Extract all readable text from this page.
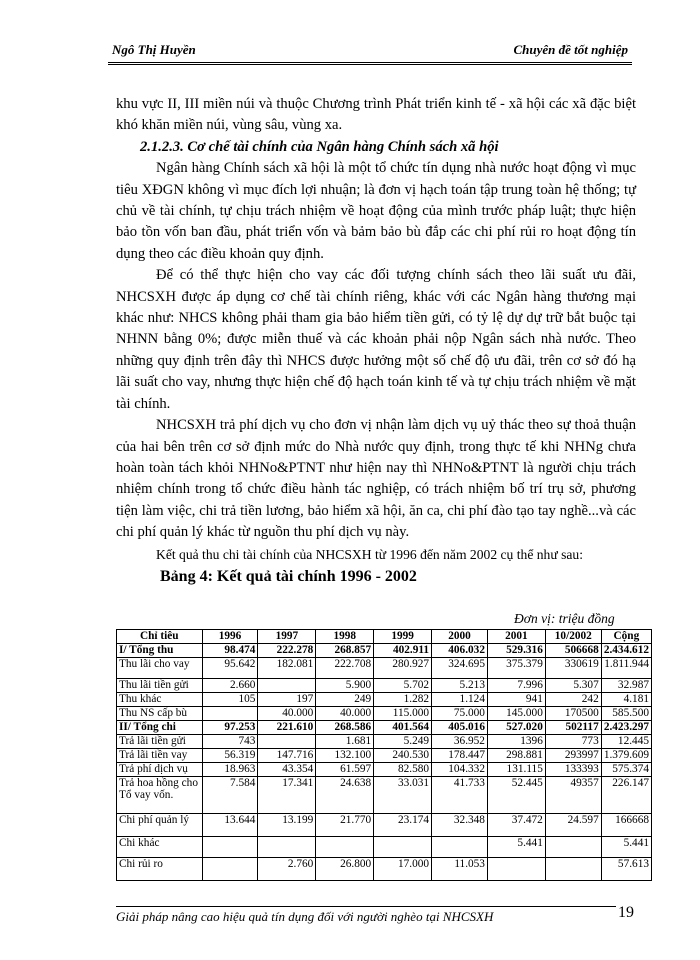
Ngô Thị Huyền	Chuyên đề tốt nghiệp

khu vực II, III miền núi và thuộc Chương trình Phát triển kinh tế - xã hội các xã đặc biệt khó khăn miền núi, vùng sâu, vùng xa.

2.1.2.3. Cơ chế tài chính của Ngân hàng Chính sách xã hội

Ngân hàng Chính sách xã hội là một tổ chức tín dụng nhà nước hoạt động vì mục tiêu XĐGN không vì mục đích lợi nhuận; là đơn vị hạch toán tập trung toàn hệ thống; tự chủ về tài chính, tự chịu trách nhiệm về hoạt động của mình trước pháp luật; thực hiện bảo tồn vốn ban đầu, phát triển vốn và bảm bảo bù đắp các chi phí rủi ro hoạt động tín dụng theo các điều khoản quy định.

Để có thể thực hiện cho vay các đối tượng chính sách theo lãi suất ưu đãi, NHCSXH được áp dụng cơ chế tài chính riêng, khác với các Ngân hàng thương mại khác như: NHCS không phải tham gia bảo hiểm tiền gửi, có tỷ lệ dự dự trữ bắt buộc tại NHNN bằng 0%; được miễn thuế và các khoản phải nộp Ngân sách nhà nước. Theo những quy định trên đây thì NHCS được hưởng một số chế độ ưu đãi, trên cơ sở đó hạ lãi suất cho vay, nhưng thực hiện chế độ hạch toán kinh tế và tự chịu trách nhiệm về mặt tài chính.

NHCSXH trả phí dịch vụ cho đơn vị nhận làm dịch vụ uỷ thác theo sự thoả thuận của hai bên trên cơ sở định mức do Nhà nước quy định, trong thực tế khi NHNg chưa hoàn toàn tách khỏi NHNo&PTNT như hiện nay thì NHNo&PTNT là người chịu trách nhiệm chính trong tổ chức điều hành tác nghiệp, có trách nhiệm bố trí trụ sở, phương tiện làm việc, chi trả tiền lương, bảo hiểm xã hội, ăn ca, chi phí đào tạo tay nghề...và các chi phí quản lý khác từ nguồn thu phí dịch vụ này.

Kết quả thu chi tài chính của NHCSXH từ 1996 đến năm 2002 cụ thể như sau:

Bảng 4: Kết quả tài chính 1996 - 2002

Đơn vị: triệu đồng
Chỉ tiêu	1996	1997	1998	1999	2000	2001	10/2002	Cộng
I/ Tổng thu	98.474	222.278	268.857	402.911	406.032	529.316	506668	2.434.612
Thu lãi cho vay	95.642	182.081	222.708	280.927	324.695	375.379	330619	1.811.944
Thu lãi tiền gửi	2.660		5.900	5.702	5.213	7.996	5.307	32.987
Thu khác	105	197	249	1.282	1.124	941	242	4.181
Thu NS cấp bù		40.000	40.000	115.000	75.000	145.000	170500	585.500
II/ Tổng chi	97.253	221.610	268.586	401.564	405.016	527.020	502117	2.423.297
Trả lãi tiền gửi	743		1.681	5.249	36.952	1396	773	12.445
Trả lãi tiền vay	56.319	147.716	132.100	240.530	178.447	298.881	293997	1.379.609
Trả phí dịch vụ	18.963	43.354	61.597	82.580	104.332	131.115	133393	575.374
Trả hoa hồng cho Tổ vay vốn.	7.584	17.341	24.638	33.031	41.733	52.445	49357	226.147
Chi phí quản lý	13.644	13.199	21.770	23.174	32.348	37.472	24.597	166668
Chi khác						5.441		5.441
Chi rủi ro		2.760	26.800	17.000	11.053			57.613
Giải pháp nâng cao hiệu quả tín dụng đối với người nghèo tại NHCSXH	19
